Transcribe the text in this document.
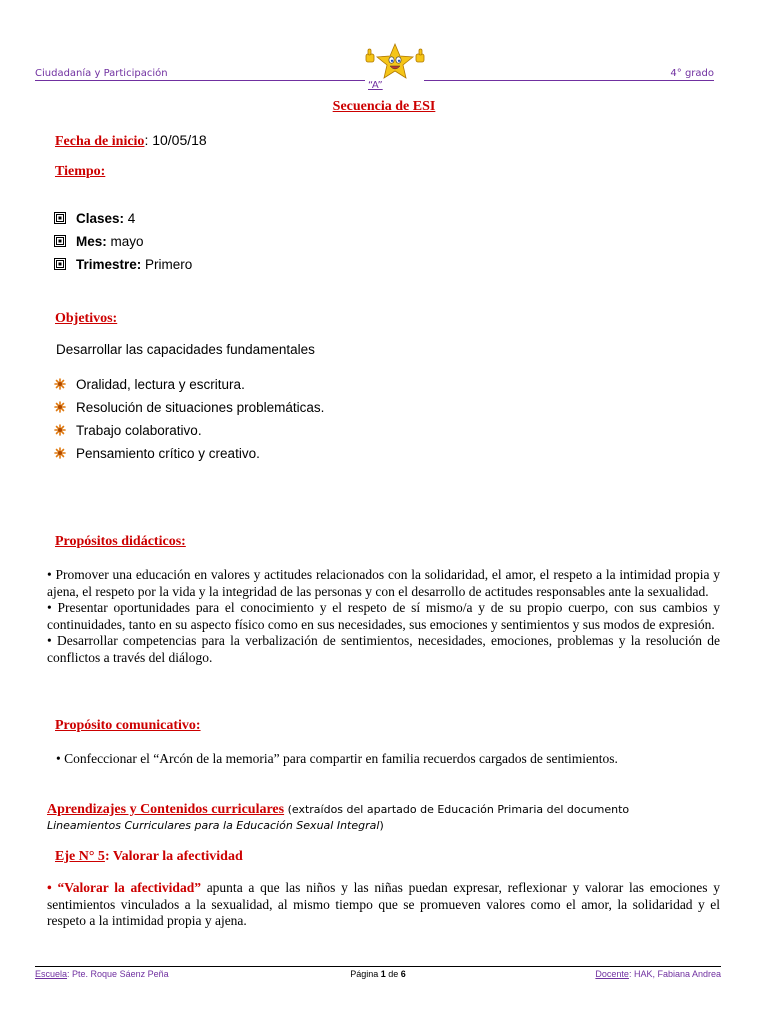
Ciudadanía y Participación	4° grado
“A”
Secuencia de ESI
Fecha de inicio: 10/05/18
Tiempo:
Clases: 4
Mes: mayo
Trimestre: Primero
Objetivos:
Desarrollar las capacidades fundamentales
Oralidad, lectura y escritura.
Resolución de situaciones problemáticas.
Trabajo colaborativo.
Pensamiento crítico y creativo.
Propósitos didácticos:

• Promover una educación en valores y actitudes relacionados con la solidaridad, el amor, el respeto a la intimidad propia y ajena, el respeto por la vida y la integridad de las personas y con el desarrollo de actitudes responsables ante la sexualidad.

• Presentar oportunidades para el conocimiento y el respeto de sí mismo/a y de su propio cuerpo, con sus cambios y continuidades, tanto en su aspecto físico como en sus necesidades, sus emociones y sentimientos y sus modos de expresión.

• Desarrollar competencias para la verbalización de sentimientos, necesidades, emociones, problemas y la resolución de conflictos a través del diálogo.

Propósito comunicativo:
• Confeccionar el “Arcón de la memoria” para compartir en familia recuerdos cargados de sentimientos.
Aprendizajes y Contenidos curriculares (extraídos del apartado de Educación Primaria del documento
Lineamientos Curriculares para la Educación Sexual Integral)
Eje N° 5: Valorar la afectividad
• “Valorar la afectividad” apunta a que las niños y las niñas puedan expresar, reflexionar y valorar las emociones y sentimientos vinculados a la sexualidad, al mismo tiempo que se promueven valores como el amor, la solidaridad y el respeto a la intimidad propia y ajena.
Escuela: Pte. Roque Sáenz Peña	Página 1 de 6	Docente: HAK, Fabiana Andrea
